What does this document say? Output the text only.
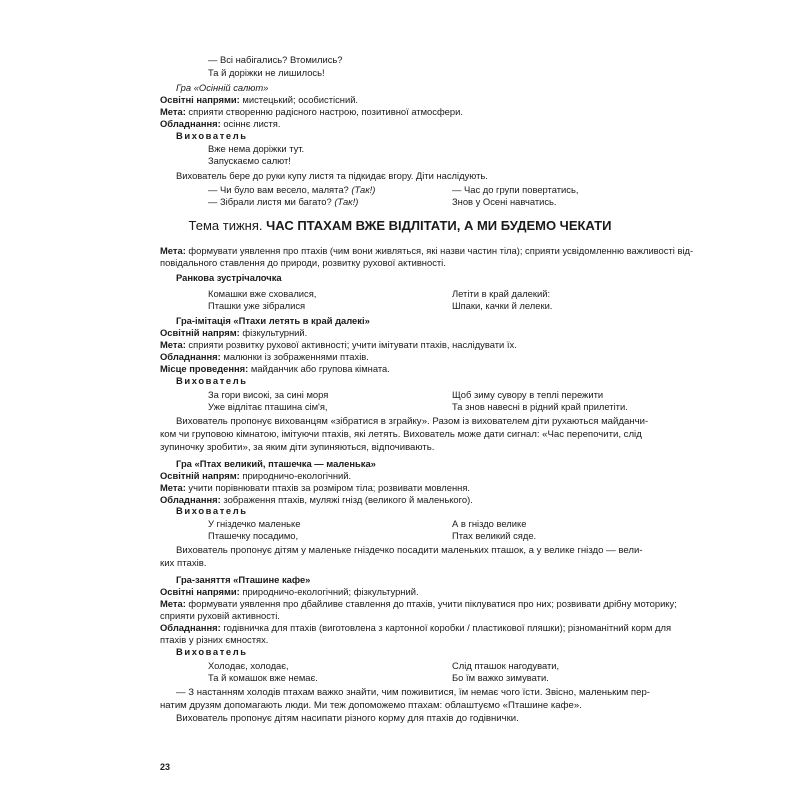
— Всі набігались? Втомились?
Та й доріжки не лишилось!
Гра «Осінній салют»
Освітні напрями: мистецький; особистісний.
Мета: сприяти створенню радісного настрою, позитивної атмосфери.
Обладнання: осіннє листя.
Вихователь
Вже нема доріжки тут.
Запускаємо салют!
Вихователь бере до руки купу листя та підкидає вгору. Діти наслідують.
— Чи було вам весело, малята? (Так!)
— Зібрали листя ми багато? (Так!)
— Час до групи повертатись,
Знов у Осені навчатись.
Тема тижня. ЧАС ПТАХАМ ВЖЕ ВІДЛІТАТИ, А МИ БУДЕМО ЧЕКАТИ
Мета: формувати уявлення про птахів (чим вони живляться, які назви частин тіла); сприяти усвідомленню важливості від-
повідального ставлення до природи, розвитку рухової активності.
Ранкова зустрічалочка
Комашки вже сховалися,
Пташки уже зібралися
Летіти в край далекий:
Шпаки, качки й лелеки.
Гра-імітація «Птахи летять в край далекі»
Освітній напрям: фізкультурний.
Мета: сприяти розвитку рухової активності; учити імітувати птахів, наслідувати їх.
Обладнання: малюнки із зображеннями птахів.
Місце проведення: майданчик або групова кімната.
Вихователь
За гори високі, за сині моря
Уже відлітає пташина сім'я,
Щоб зиму сувору в теплі пережити
Та знов навесні в рідний край прилетіти.
Вихователь пропонує вихованцям «зібратися в зграйку». Разом із вихователем діти рухаються майданчи-
ком чи груповою кімнатою, імітуючи птахів, які летять. Вихователь може дати сигнал: «Час перепочити, слід
зупиночку зробити», за яким діти зупиняються, відпочивають.
Гра «Птах великий, пташечка — маленька»
Освітній напрям: природничо-екологічний.
Мета: учити порівнювати птахів за розміром тіла; розвивати мовлення.
Обладнання: зображення птахів, муляжі гнізд (великого й маленького).
Вихователь
У гніздечко маленьке
Пташечку посадимо,
А в гніздо велике
Птах великий сяде.
Вихователь пропонує дітям у маленьке гніздечко посадити маленьких пташок, а у велике гніздо — вели-
ких птахів.
Гра-заняття «Пташине кафе»
Освітні напрями: природничо-екологічний; фізкультурний.
Мета: формувати уявлення про дбайливе ставлення до птахів, учити піклуватися про них; розвивати дрібну моторику;
сприяти руховій активності.
Обладнання: годівничка для птахів (виготовлена з картонної коробки / пластикової пляшки); різноманітний корм для
птахів у різних ємностях.
Вихователь
Холодає, холодає,
Та й комашок вже немає.
Слід пташок нагодувати,
Бо їм важко зимувати.
— З настанням холодів птахам важко знайти, чим поживитися, їм немає чого їсти. Звісно, маленьким пер-
натим друзям допомагають люди. Ми теж допоможемо птахам: облаштуємо «Пташине кафе».
Вихователь пропонує дітям насипати різного корму для птахів до годівнички.
23
